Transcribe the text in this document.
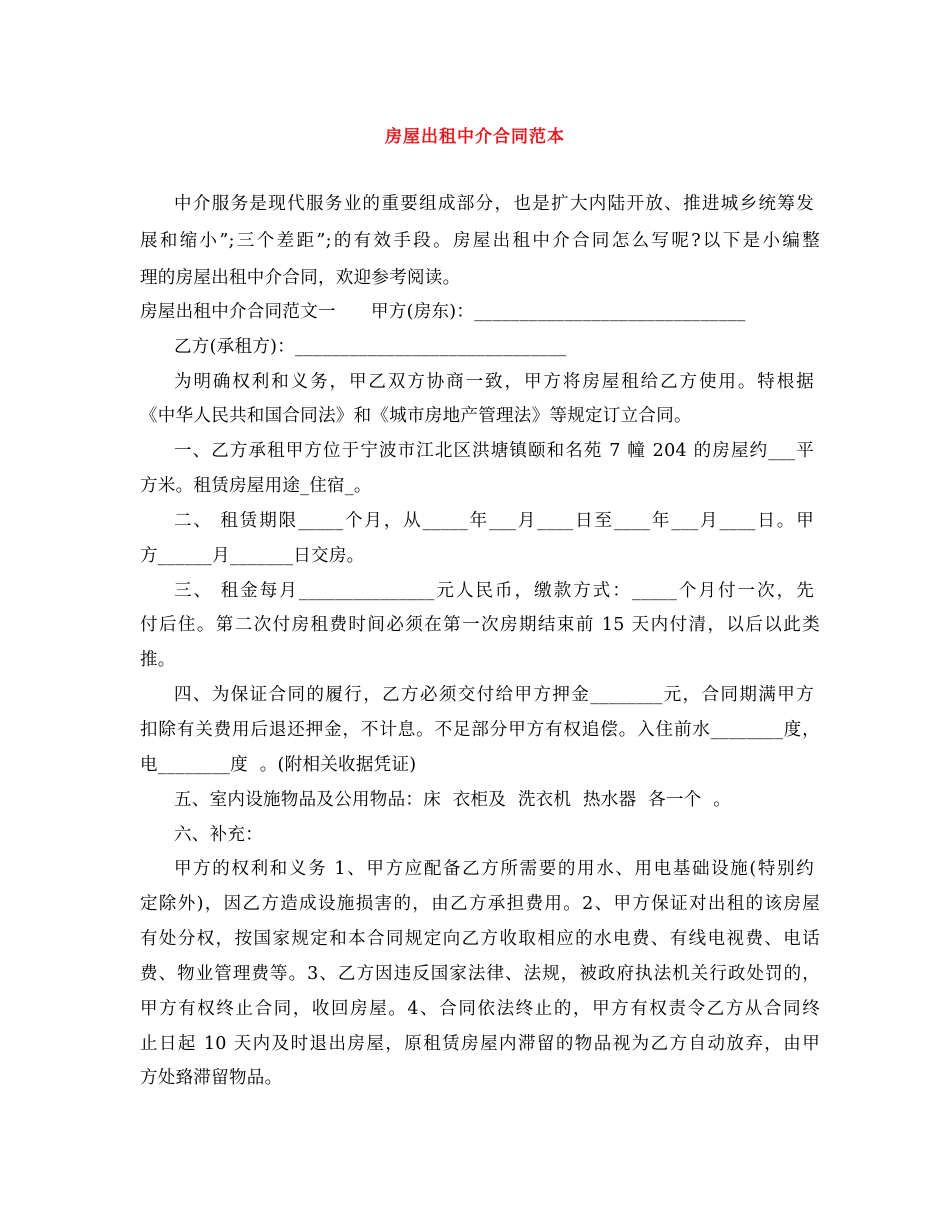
房屋出租中介合同范本
中介服务是现代服务业的重要组成部分，也是扩大内陆开放、推进城乡统筹发
展和缩小”;三个差距”;的有效手段。房屋出租中介合同怎么写呢?以下是小编整
理的房屋出租中介合同，欢迎参考阅读。
房屋出租中介合同范文一      甲方(房东)：______________________________
乙方(承租方)：______________________________
为明确权利和义务，甲乙双方协商一致，甲方将房屋租给乙方使用。特根据
《中华人民共和国合同法》和《城市房地产管理法》等规定订立合同。
一、乙方承租甲方位于宁波市江北区洪塘镇颐和名苑 7 幢 204 的房屋约___平
方米。租赁房屋用途_住宿_。
二、 租赁期限_____个月，从_____年___月____日至____年___月____日。甲
方______月_______日交房。
三、 租金每月_______________元人民币，缴款方式：_____个月付一次，先
付后住。第二次付房租费时间必须在第一次房期结束前 15 天内付清，以后以此类
推。
四、为保证合同的履行，乙方必须交付给甲方押金________元，合同期满甲方
扣除有关费用后退还押金，不计息。不足部分甲方有权追偿。入住前水________度，
电________度  。(附相关收据凭证)
五、室内设施物品及公用物品：床  衣柜及  洗衣机  热水器  各一个  。
六、补充：
甲方的权利和义务 1、甲方应配备乙方所需要的用水、用电基础设施(特别约
定除外)，因乙方造成设施损害的，由乙方承担费用。2、甲方保证对出租的该房屋
有处分权，按国家规定和本合同规定向乙方收取相应的水电费、有线电视费、电话
费、物业管理费等。3、乙方因违反国家法律、法规，被政府执法机关行政处罚的，
甲方有权终止合同，收回房屋。4、合同依法终止的，甲方有权责令乙方从合同终
止日起 10 天内及时退出房屋，原租赁房屋内滞留的物品视为乙方自动放弃，由甲
方处臵滞留物品。
